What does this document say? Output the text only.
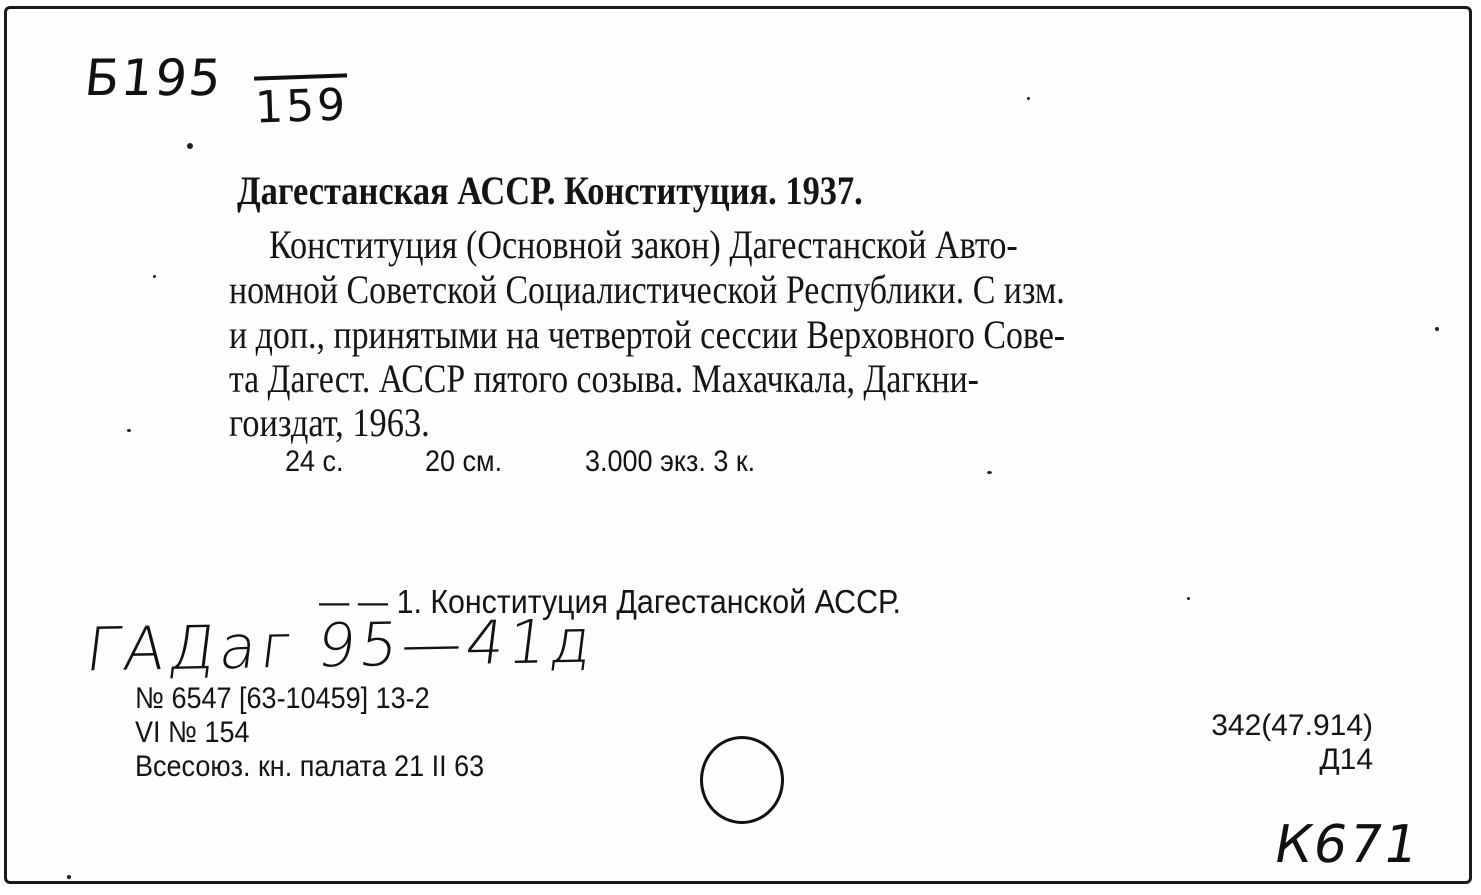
Б195 159
Дагестанская АССР. Конституция. 1937.
Конституция (Основной закон) Дагестанской Авто-
номной Советской Социалистической Республики. С изм.
и доп., принятыми на четвертой сессии Верховного Сове-
та Дагест. АССР пятого созыва. Махачкала, Дагкни-
гоиздат, 1963.
24 с.	20 см.	3.000 экз. 3 к.
— — 1. Конституция Дагестанской АССР.
ГАДаг 95—41д
№ 6547 [63-10459] 13-2
VI № 154
Всесоюз. кн. палата 21 II 63
342(47.914)
Д14
К671
